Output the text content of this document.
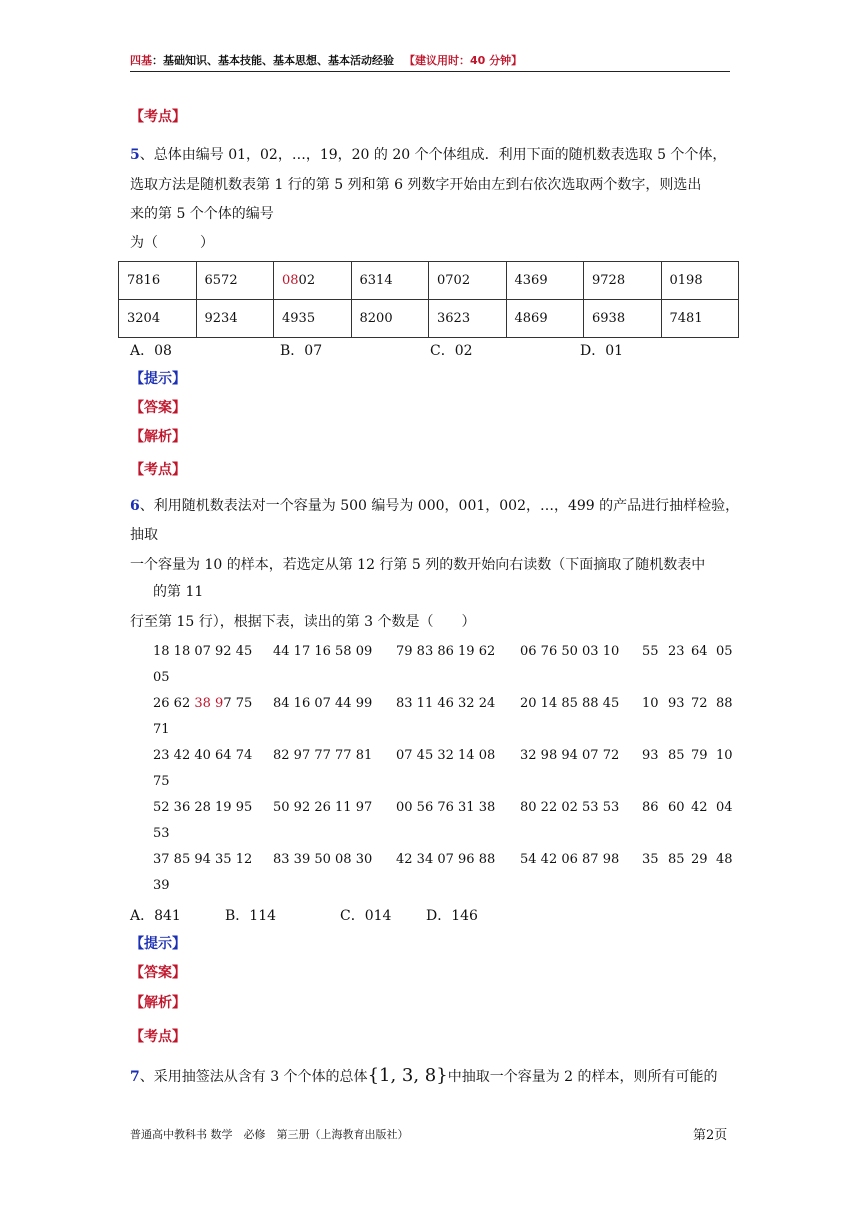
四基：基础知识、基本技能、基本思想、基本活动经验 【建议用时：40 分钟】
【考点】
5、总体由编号 01，02，…，19，20 的 20 个个体组成．利用下面的随机数表选取 5 个个体，
选取方法是随机数表第 1 行的第 5 列和第 6 列数字开始由左到右依次选取两个数字，则选出
来的第 5 个个体的编号
为（　　　）
7816	6572	0802	6314	0702	4369	9728	0198
3204	9234	4935	8200	3623	4869	6938	7481
A．08	B．07	C．02	D．01
【提示】
【答案】
【解析】
【考点】
6、利用随机数表法对一个容量为 500 编号为 000，001，002，…，499 的产品进行抽样检验，
抽取
一个容量为 10 的样本，若选定从第 12 行第 5 列的数开始向右读数（下面摘取了随机数表中
的第 11
行至第 15 行），根据下表，读出的第 3 个数是（　　）
18 18 07 92 45 44 17 16 58 09 79 83 86 19 62 06 76 50 03 10 55 23 64 05
05
26 62 38 97 75 84 16 07 44 99 83 11 46 32 24 20 14 85 88 45 10 93 72 88
71
23 42 40 64 74 82 97 77 77 81 07 45 32 14 08 32 98 94 07 72 93 85 79 10
75
52 36 28 19 95 50 92 26 11 97 00 56 76 31 38 80 22 02 53 53 86 60 42 04
53
37 85 94 35 12 83 39 50 08 30 42 34 07 96 88 54 42 06 87 98 35 85 29 48
39
A．841	B．114	C．014 D．146
【提示】
【答案】
【解析】
【考点】
7、采用抽签法从含有 3 个个体的总体{1, 3, 8}中抽取一个容量为 2 的样本，则所有可能的
普通高中教科书 数学　必修　第三册（上海教育出版社）	第2页
